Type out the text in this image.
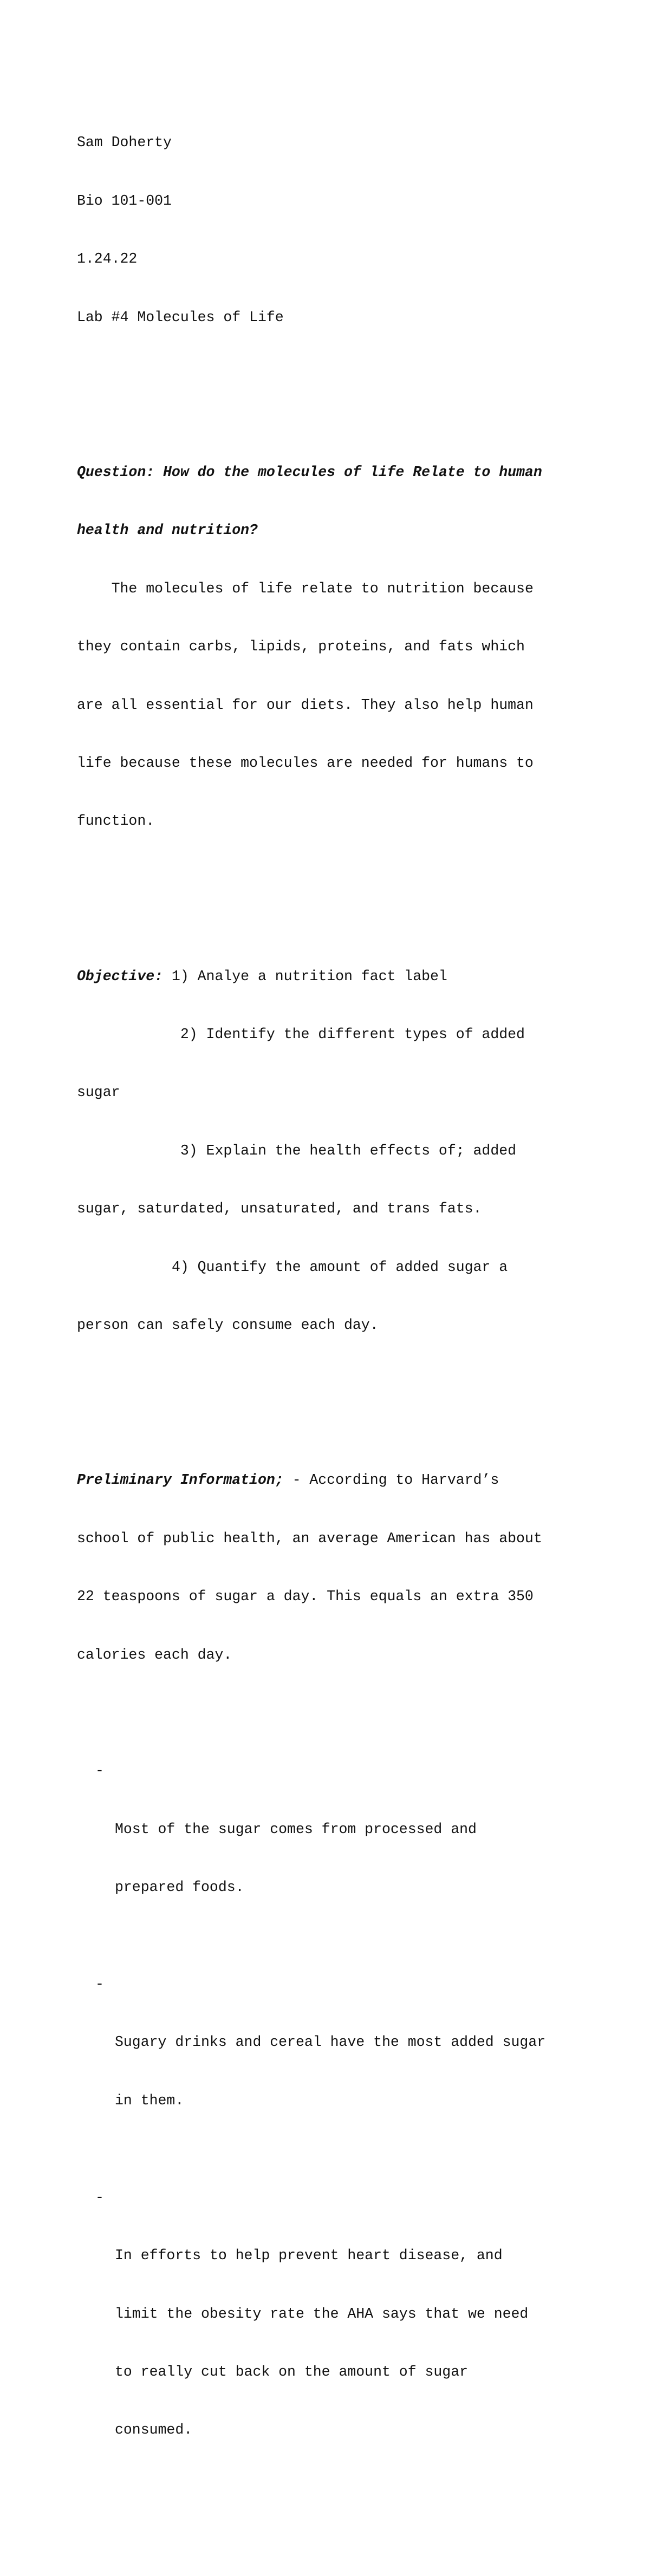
Sam Doherty

Bio 101-001

1.24.22

Lab #4 Molecules of Life

Question: How do the molecules of life Relate to human

health and nutrition?

The molecules of life relate to nutrition because

they contain carbs, lipids, proteins, and fats which

are all essential for our diets. They also help human

life because these molecules are needed for humans to

function.

Objective: 1) Analye a nutrition fact label

2) Identify the different types of added

sugar

3) Explain the health effects of; added

sugar, saturdated, unsaturated, and trans fats.

4) Quantify the amount of added sugar a

person can safely consume each day.

Preliminary Information; - According to Harvard’s

school of public health, an average American has about

22 teaspoons of sugar a day. This equals an extra 350

calories each day.

-

Most of the sugar comes from processed and

prepared foods.

-

Sugary drinks and cereal have the most added sugar

in them.

-

In efforts to help prevent heart disease, and

limit the obesity rate the AHA says that we need

to really cut back on the amount of sugar

consumed.
